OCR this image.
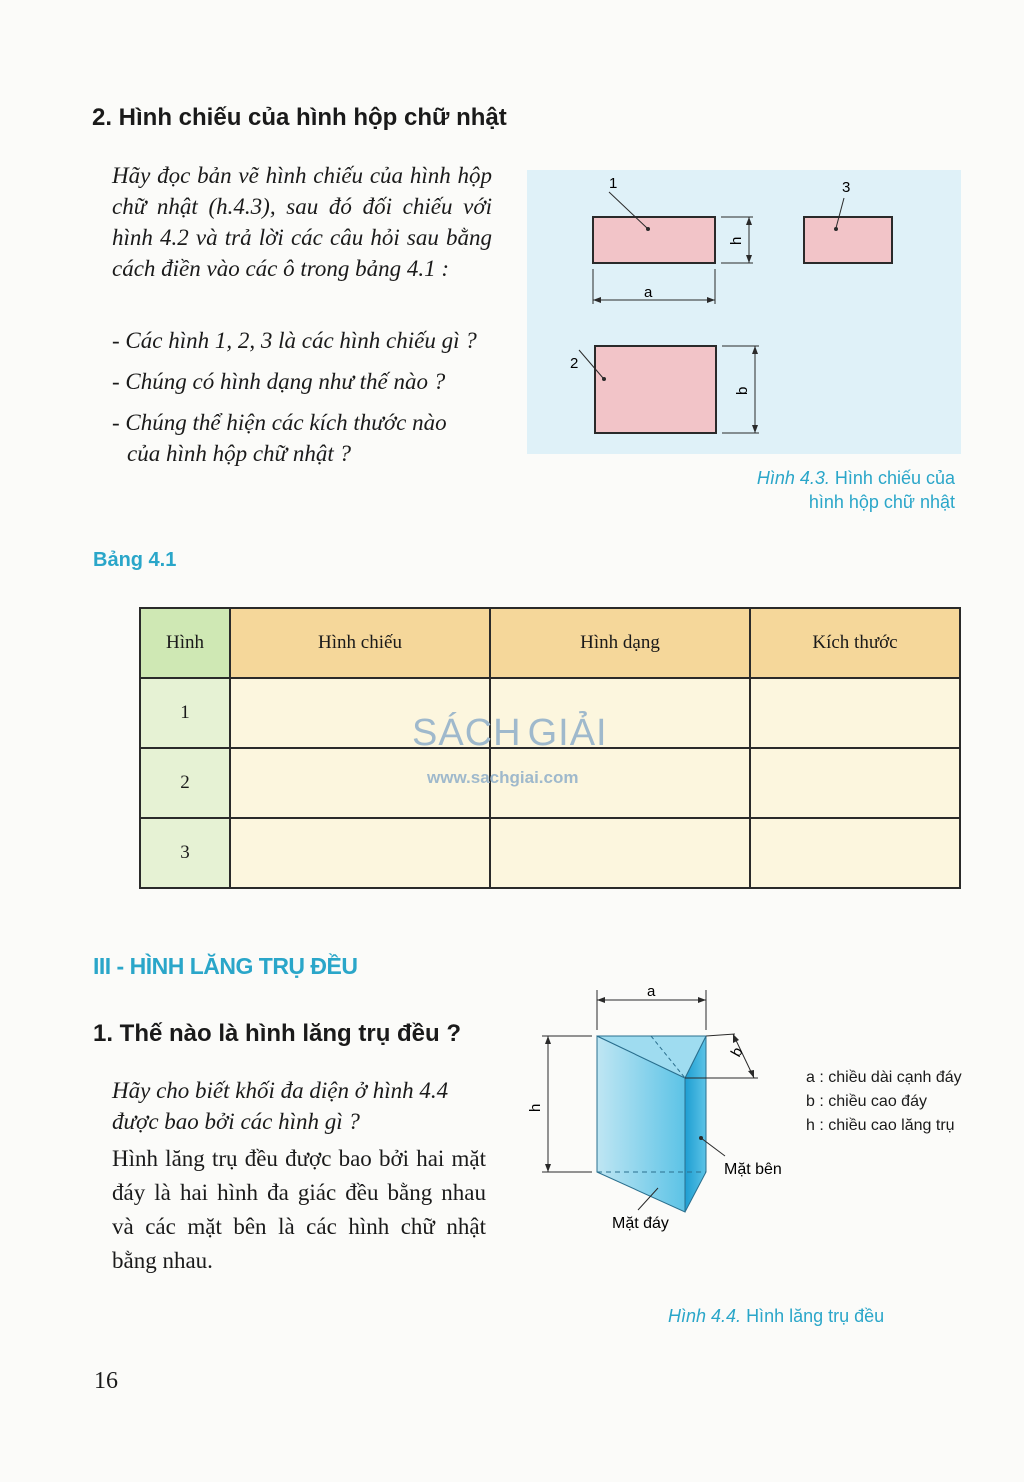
2. Hình chiếu của hình hộp chữ nhật
Hãy đọc bản vẽ hình chiếu của hình hộp chữ nhật (h.4.3), sau đó đối chiếu với hình 4.2 và trả lời các câu hỏi sau bằng cách điền vào các ô trong bảng 4.1 :
- Các hình 1, 2, 3 là các hình chiếu gì ?
- Chúng có hình dạng như thế nào ?
- Chúng thể hiện các kích thước nào
của hình hộp chữ nhật ?
1
h
a
3
2
b
Hình 4.3. Hình chiếu của
hình hộp chữ nhật
Bảng 4.1
Hình	Hình chiếu	Hình dạng	Kích thước
1			
2			
3			
SÁCH GIẢI
www.sachgiai.com
III - HÌNH LĂNG TRỤ ĐỀU
1. Thế nào là hình lăng trụ đều ?
Hãy cho biết khối đa diện ở hình 4.4 được bao bởi các hình gì ?
Hình lăng trụ đều được bao bởi hai mặt đáy là hai hình đa giác đều bằng nhau và các mặt bên là các hình chữ nhật bằng nhau.
a
h
b
Mặt bên
Mặt đáy
a : chiều dài cạnh đáy
b : chiều cao đáy
h : chiều cao lăng trụ
Hình 4.4. Hình lăng trụ đều
16
